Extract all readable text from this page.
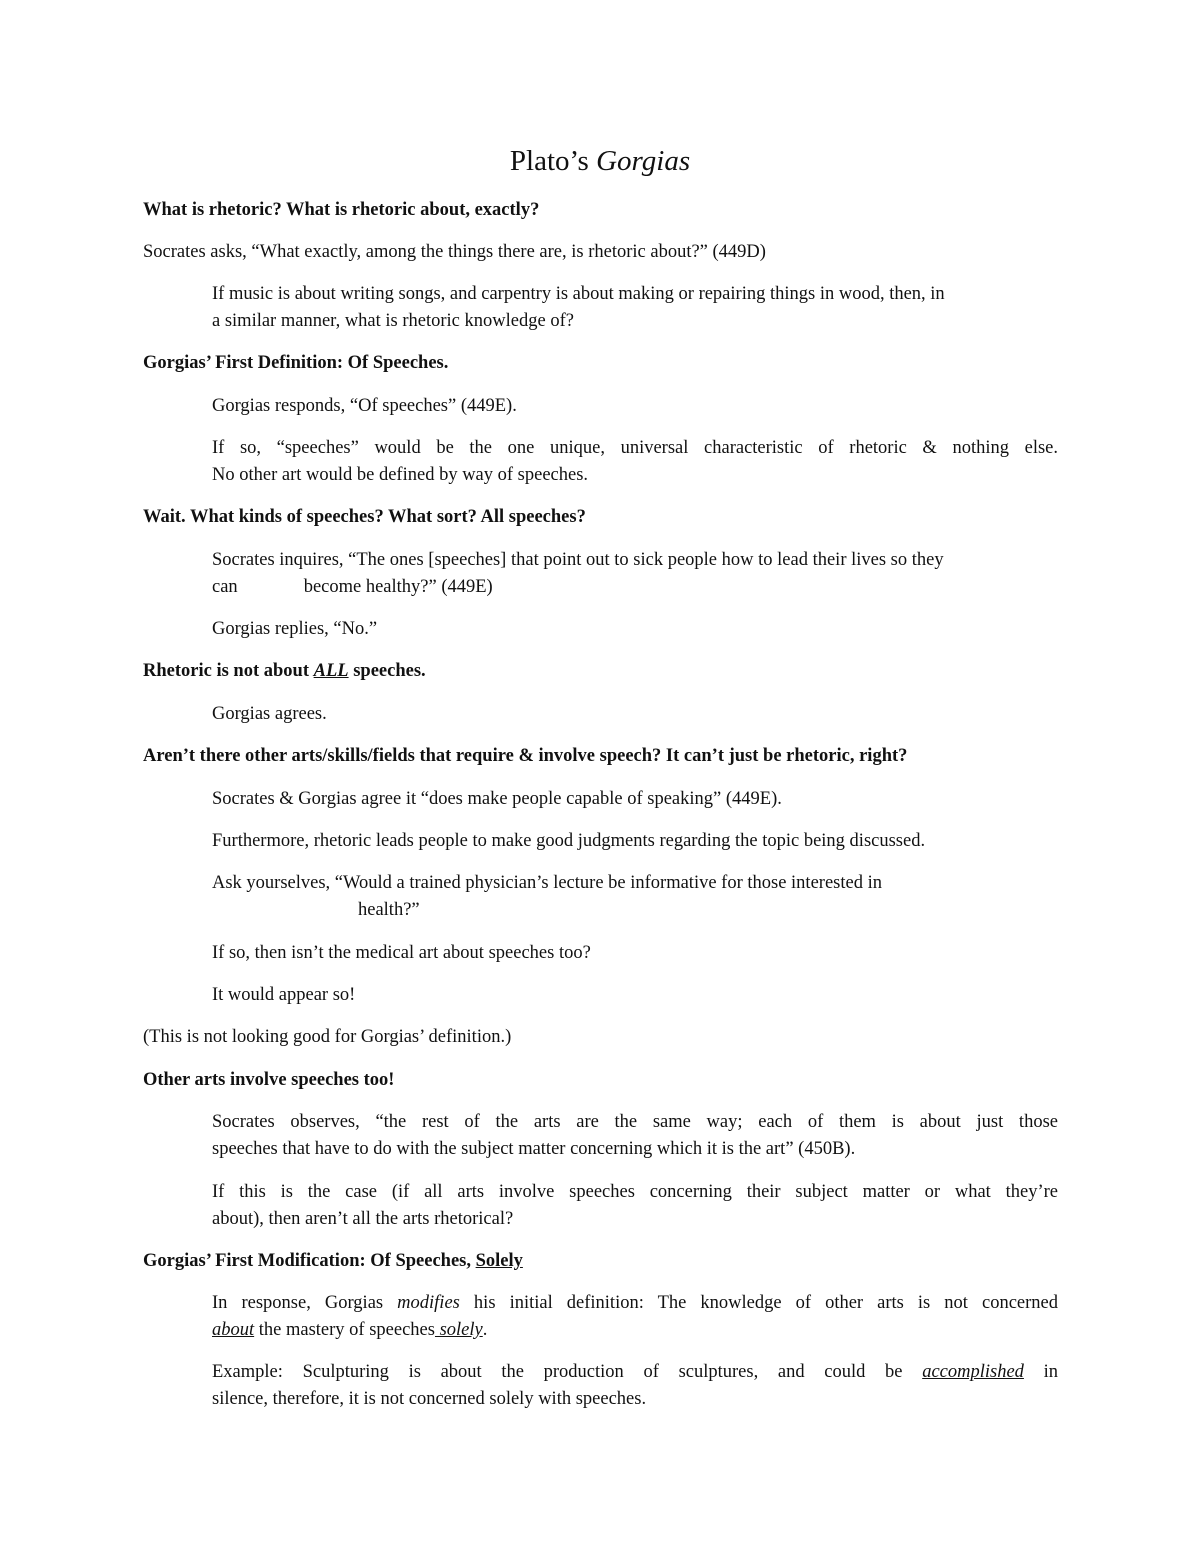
Plato’s Gorgias
What is rhetoric? What is rhetoric about, exactly?
Socrates asks, “What exactly, among the things there are, is rhetoric about?” (449D)
If music is about writing songs, and carpentry is about making or repairing things in wood, then, in
a similar manner, what is rhetoric knowledge of?
Gorgias’ First Definition: Of Speeches.
Gorgias responds, “Of speeches” (449E).
If so, “speeches” would be the one unique, universal characteristic of rhetoric & nothing else.
No other art would be defined by way of speeches.
Wait. What kinds of speeches? What sort? All speeches?
Socrates inquires, “The ones [speeches] that point out to sick people how to lead their lives so they
can	become healthy?” (449E)
Gorgias replies, “No.”
Rhetoric is not about ALL speeches.
Gorgias agrees.
Aren’t there other arts/skills/fields that require & involve speech? It can’t just be rhetoric, right?
Socrates & Gorgias agree it “does make people capable of speaking” (449E).
Furthermore, rhetoric leads people to make good judgments regarding the topic being discussed.
Ask yourselves, “Would a trained physician’s lecture be informative for those interested in
health?”
If so, then isn’t the medical art about speeches too?
It would appear so!
(This is not looking good for Gorgias’ definition.)
Other arts involve speeches too!
Socrates observes, “the rest of the arts are the same way; each of them is about just those
speeches that have to do with the subject matter concerning which it is the art” (450B).
If this is the case (if all arts involve speeches concerning their subject matter or what they’re
about), then aren’t all the arts rhetorical?
Gorgias’ First Modification: Of Speeches, Solely
In response, Gorgias modifies his initial definition: The knowledge of other arts is not concerned
about the mastery of speeches solely.
Example: Sculpturing is about the production of sculptures, and could be accomplished in
silence, therefore, it is not concerned solely with speeches.
